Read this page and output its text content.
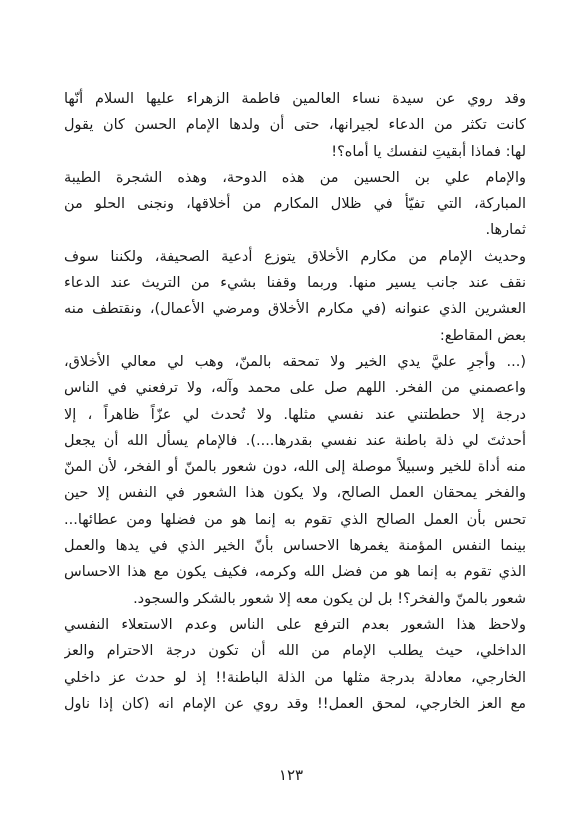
وقد روي عن سيدة نساء العالمين فاطمة الزهراء عليها السلام أنّها
كانت تكثر من الدعاء لجيرانها، حتى أن ولدها الإمام الحسن كان يقول
لها: فماذا أبقيتِ لنفسك يا أماه؟!
والإمام علي بن الحسين من هذه الدوحة، وهذه الشجرة الطيبة
المباركة، التي تفيّأ في ظلال المكارم من أخلاقها، ونجنى الحلو من
ثمارها.
وحديث الإمام من مكارم الأخلاق يتوزع أدعية الصحيفة، ولكننا سوف
نقف عند جانب يسير منها. وربما وقفنا بشيء من التريث عند الدعاء
العشرين الذي عنوانه (في مكارم الأخلاق ومرضي الأعمال)، ونقتطف منه
بعض المقاطع:
(... وأجرِ عليَّ يدي الخير ولا تمحقه بالمنّ، وهب لي معالي الأخلاق،
واعصمني من الفخر. اللهم صل على محمد وآله، ولا ترفعني في الناس
درجة إلا حططتني عند نفسي مثلها. ولا تُحدث لي عزّاً ظاهراً ، إلا
أحدثتَ لي ذلة باطنة عند نفسي بقدرها....). فالإمام يسأل الله أن يجعل
منه أداة للخير وسبيلاً موصلة إلى الله، دون شعور بالمنّ أو الفخر، لأن المنّ
والفخر يمحقان العمل الصالح، ولا يكون هذا الشعور في النفس إلا حين
تحس بأن العمل الصالح الذي تقوم به إنما هو من فضلها ومن عطائها...
بينما النفس المؤمنة يغمرها الاحساس بأنّ الخير الذي في يدها والعمل
الذي تقوم به إنما هو من فضل الله وكرمه، فكيف يكون مع هذا الاحساس
شعور بالمنّ والفخر؟! بل لن يكون معه إلا شعور بالشكر والسجود.
ولاحظ هذا الشعور بعدم الترفع على الناس وعدم الاستعلاء النفسي
الداخلي، حيث يطلب الإمام من الله أن تكون درجة الاحترام والعز
الخارجي، معادلة بدرجة مثلها من الذلة الباطنة!! إذ لو حدث عز داخلي
مع العز الخارجي، لمحق العمل!! وقد روي عن الإمام انه (كان إذا ناول
١٢٣
